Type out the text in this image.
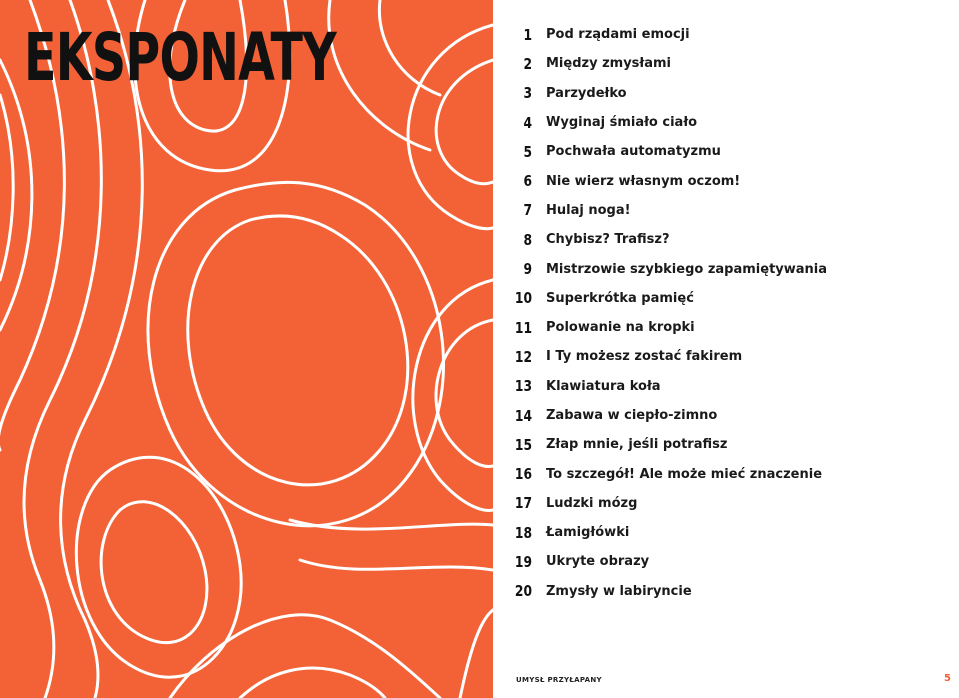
EKSPONATY	1 Pod rządami emocji
2 Między zmysłami
3 Parzydełko
4 Wyginaj śmiało ciało
5 Pochwała automatyzmu
6 Nie wierz własnym oczom!
7 Hulaj noga!
8 Chybisz? Trafisz?
9 Mistrzowie szybkiego zapamiętywania
10 Superkrótka pamięć
11 Polowanie na kropki
12 I Ty możesz zostać fakirem
13 Klawiatura koła
14 Zabawa w ciepło-zimno
15 Złap mnie, jeśli potrafisz
16 To szczegół! Ale może mieć znaczenie
17 Ludzki mózg
18 Łamigłówki
19 Ukryte obrazy
20 Zmysły w labiryncie
UMYSŁ PRZYŁAPANY	5
